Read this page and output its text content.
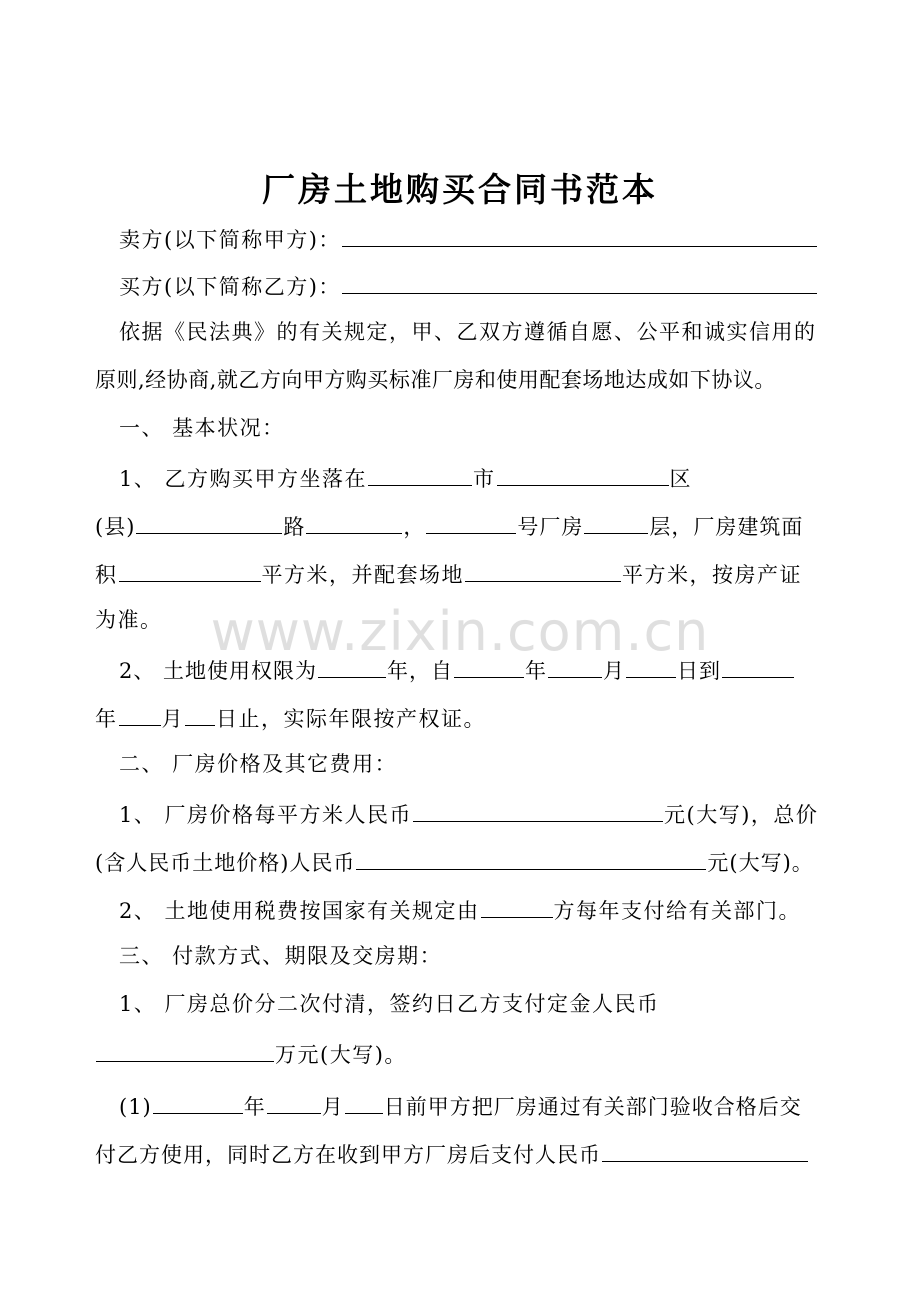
厂房土地购买合同书范本
www.zixin.com.cn
卖方(以下简称甲方)：
买方(以下简称乙方)：
依据《民法典》的有关规定，甲、乙双方遵循自愿、公平和诚实信用的
原则,经协商,就乙方向甲方购买标准厂房和使用配套场地达成如下协议。
一、 基本状况：
1、 乙方购买甲方坐落在	市	区
(县)	路	，	号厂房	层，厂房建筑面
积	平方米，并配套场地	平方米，按房产证
为准。
2、 土地使用权限为	年，自	年	月 日到
年 月 日止，实际年限按产权证。
二、 厂房价格及其它费用：
1、 厂房价格每平方米人民币	元(大写)，总价
(含人民币土地价格)人民币	元(大写)。
2、 土地使用税费按国家有关规定由	方每年支付给有关部门。
三、 付款方式、期限及交房期：
1、 厂房总价分二次付清，签约日乙方支付定金人民币
万元(大写)。
(1)	年	月 日前甲方把厂房通过有关部门验收合格后交
付乙方使用，同时乙方在收到甲方厂房后支付人民币
